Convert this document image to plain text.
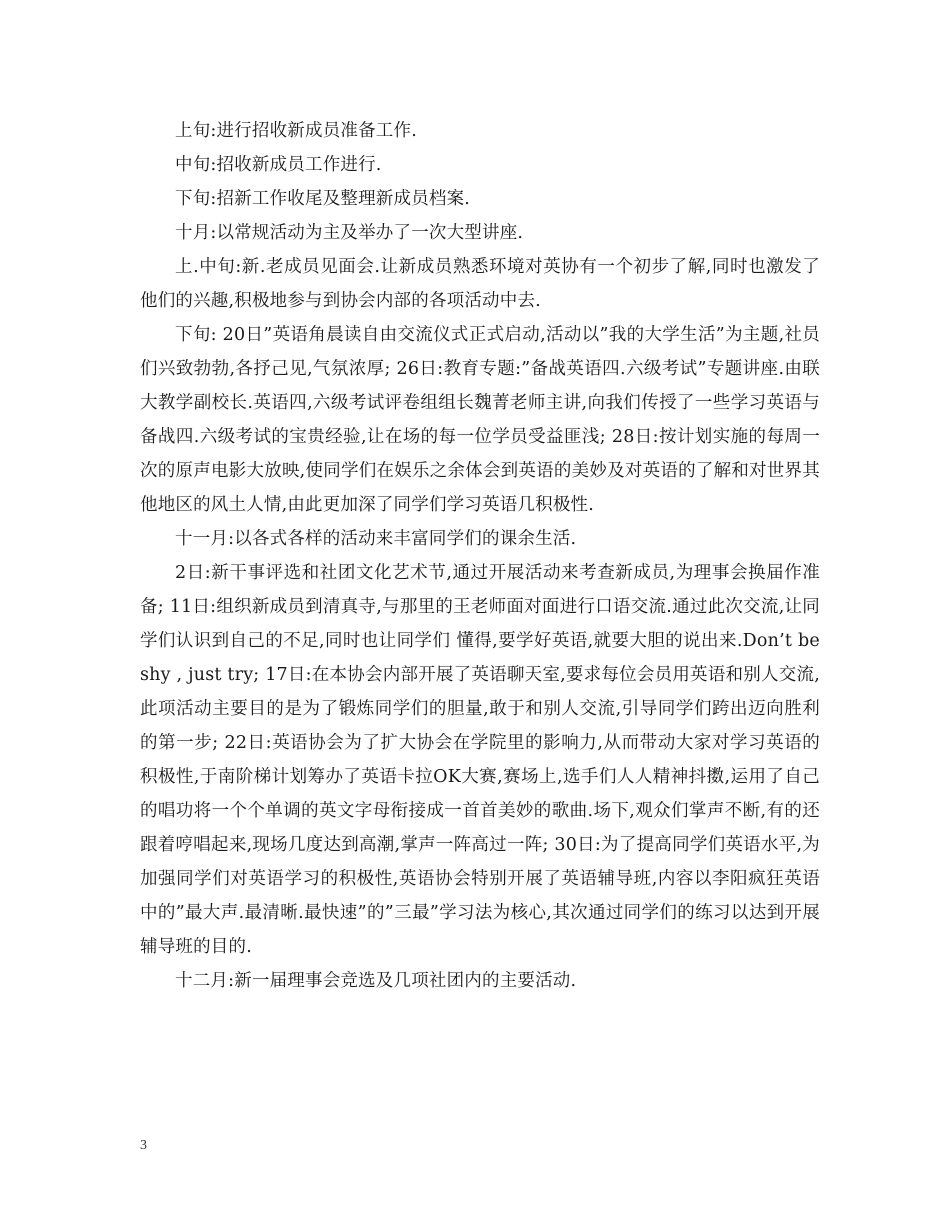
上旬:进行招收新成员准备工作.

中旬:招收新成员工作进行.

下旬:招新工作收尾及整理新成员档案.

十月:以常规活动为主及举办了一次大型讲座.

上.中旬:新.老成员见面会.让新成员熟悉环境对英协有一个初步了解,同时也激发了他们的兴趣,积极地参与到协会内部的各项活动中去.

下旬: 20日”英语角晨读自由交流仪式正式启动,活动以”我的大学生活”为主题,社员们兴致勃勃,各抒己见,气氛浓厚; 26日:教育专题:”备战英语四.六级考试”专题讲座.由联大教学副校长.英语四,六级考试评卷组组长魏菁老师主讲,向我们传授了一些学习英语与备战四.六级考试的宝贵经验,让在场的每一位学员受益匪浅; 28日:按计划实施的每周一次的原声电影大放映,使同学们在娱乐之余体会到英语的美妙及对英语的了解和对世界其他地区的风土人情,由此更加深了同学们学习英语几积极性.

十一月:以各式各样的活动来丰富同学们的课余生活.

2日:新干事评选和社团文化艺术节,通过开展活动来考查新成员,为理事会换届作准备; 11日:组织新成员到清真寺,与那里的王老师面对面进行口语交流.通过此次交流,让同学们认识到自己的不足,同时也让同学们 懂得,要学好英语,就要大胆的说出来.Don’t be shy , just try; 17日:在本协会内部开展了英语聊天室,要求每位会员用英语和别人交流,此项活动主要目的是为了锻炼同学们的胆量,敢于和别人交流,引导同学们跨出迈向胜利的第一步; 22日:英语协会为了扩大协会在学院里的影响力,从而带动大家对学习英语的积极性,于南阶梯计划筹办了英语卡拉OK大赛,赛场上,选手们人人精神抖擞,运用了自己的唱功将一个个单调的英文字母衔接成一首首美妙的歌曲.场下,观众们掌声不断,有的还跟着哼唱起来,现场几度达到高潮,掌声一阵高过一阵; 30日:为了提高同学们英语水平,为加强同学们对英语学习的积极性,英语协会特别开展了英语辅导班,内容以李阳疯狂英语中的”最大声.最清晰.最快速”的”三最”学习法为核心,其次通过同学们的练习以达到开展辅导班的目的.

十二月:新一届理事会竞选及几项社团内的主要活动.

3
